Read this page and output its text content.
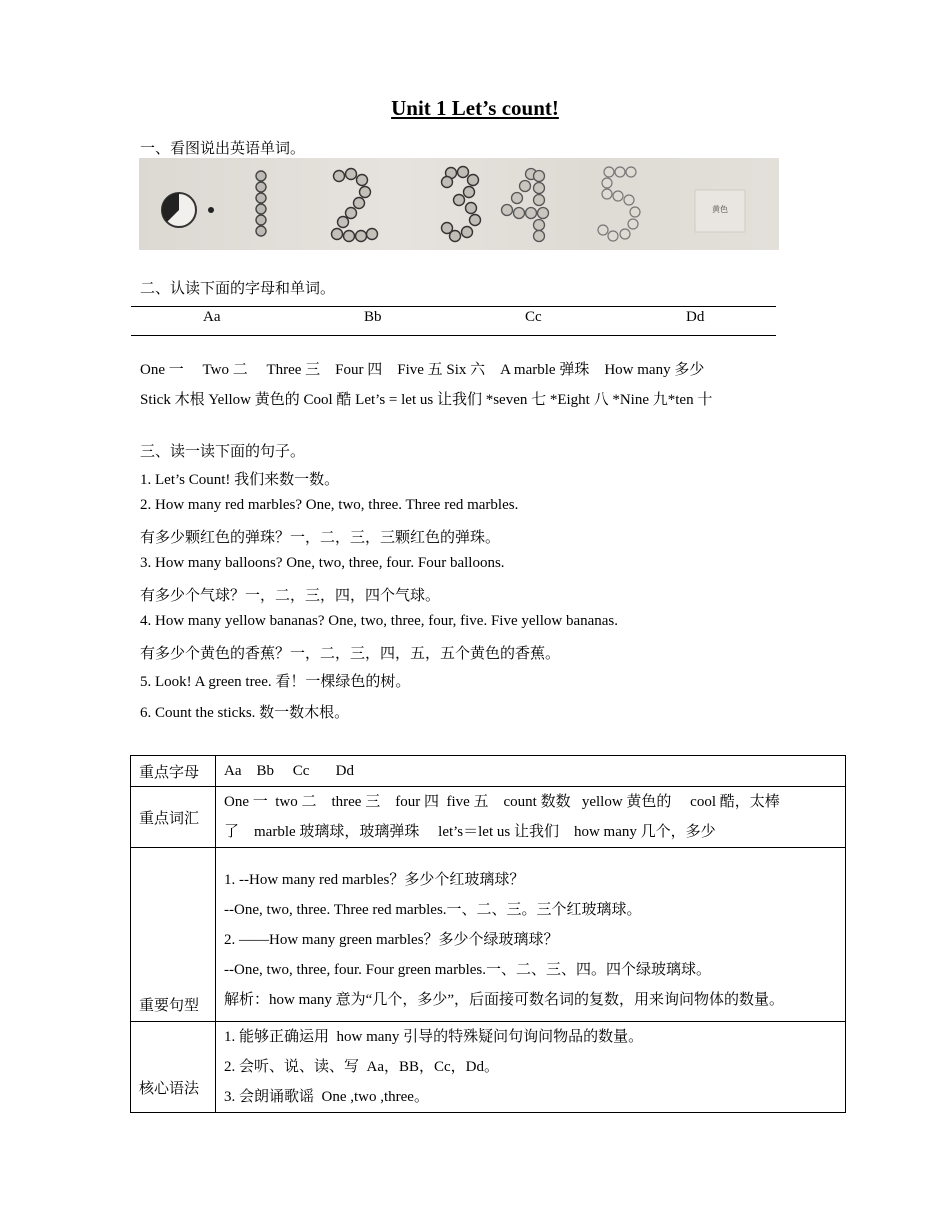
Unit 1 Let’s count!
一、看图说出英语单词。
黄色
二、认读下面的字母和单词。
Aa	Bb	Cc	Dd
One 一　 Two 二　 Three 三　Four 四　Five 五 Six 六　A marble 弹珠　How many 多少
Stick 木根 Yellow 黄色的 Cool 酷 Let’s = let us 让我们 *seven 七 *Eight 八 *Nine 九*ten 十
三、读一读下面的句子。
1. Let’s Count! 我们来数一数。
2. How many red marbles? One, two, three. Three red marbles.
有多少颗红色的弹珠？一，二，三，三颗红色的弹珠。
3. How many balloons? One, two, three, four. Four balloons.
有多少个气球？一，二，三，四，四个气球。
4. How many yellow bananas? One, two, three, four, five. Five yellow bananas.
有多少个黄色的香蕉？一，二，三，四，五，五个黄色的香蕉。
5. Look! A green tree. 看！一棵绿色的树。
6. Count the sticks. 数一数木根。
重点字母	Aa    Bb     Cc       Dd

重点词汇	One 一  two 二    three 三    four 四  five 五    count 数数   yellow 黄色的     cool 酷，太棒
了    marble 玻璃球，玻璃弹珠     let’s＝let us 让我们    how many 几个，多少

重要句型	1. --How many red marbles？多少个红玻璃球？
--One, two, three. Three red marbles.一、二、三。三个红玻璃球。
2. ——How many green marbles？多少个绿玻璃球？
--One, two, three, four. Four green marbles.一、二、三、四。四个绿玻璃球。
解析：how many 意为“几个，多少”，后面接可数名词的复数，用来询问物体的数量。

核心语法	1. 能够正确运用  how many 引导的特殊疑问句询问物品的数量。
2. 会听、说、读、写  Aa，BB，Cc，Dd。
3. 会朗诵歌谣  One ,two ,three。
